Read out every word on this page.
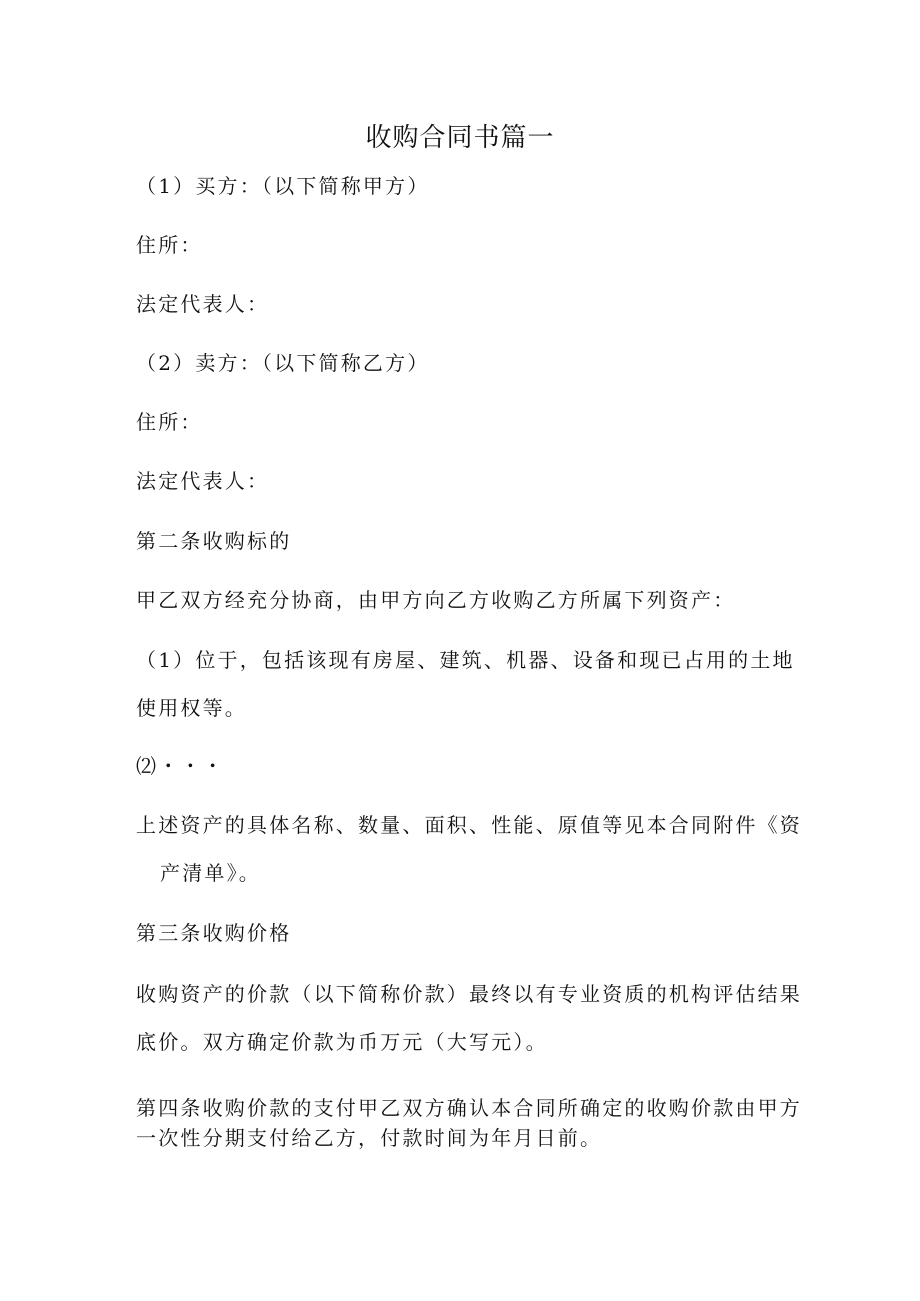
收购合同书篇一
（1）买方：（以下简称甲方）
住所：
法定代表人：
（2）卖方：（以下简称乙方）
住所：
法定代表人：
第二条收购标的
甲乙双方经充分协商，由甲方向乙方收购乙方所属下列资产：
（1）位于，包括该现有房屋、建筑、机器、设备和现已占用的土地
使用权等。
⑵・・・
上述资产的具体名称、数量、面积、性能、原值等见本合同附件《资
产清单》。
第三条收购价格
收购资产的价款（以下简称价款）最终以有专业资质的机构评估结果
底价。双方确定价款为币万元（大写元）。
第四条收购价款的支付甲乙双方确认本合同所确定的收购价款由甲方
一次性分期支付给乙方，付款时间为年月日前。
